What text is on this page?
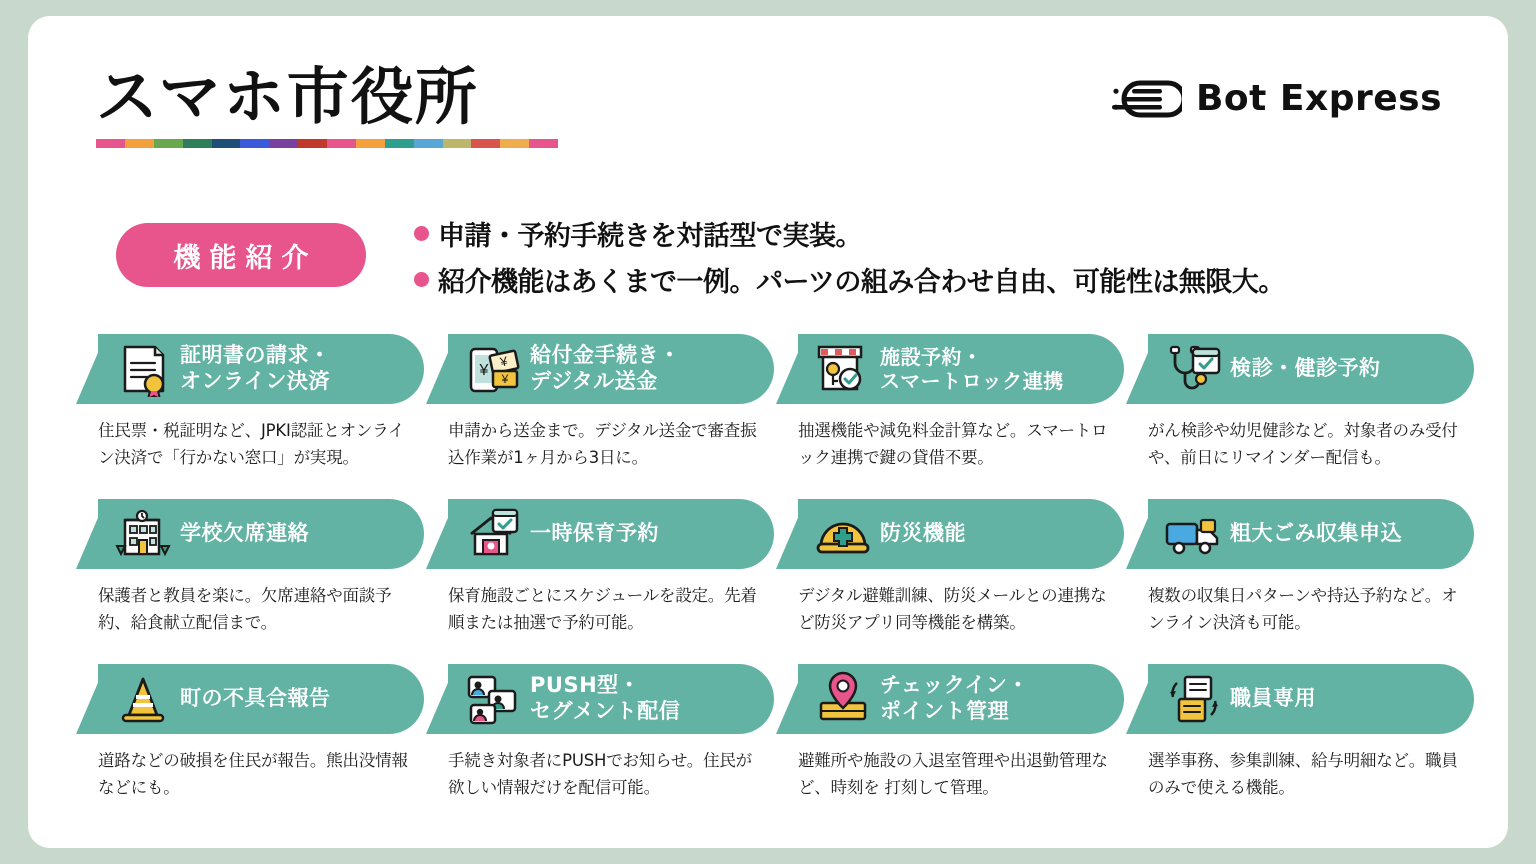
スマホ市役所	Bot Express
機能紹介
申請・予約手続きを対話型で実装。
紹介機能はあくまで一例。パーツの組み合わせ自由、可能性は無限大。
証明書の請求・
オンライン決済
住民票・税証明など、JPKI認証とオンライン決済で「行かない窓口」が実現。
¥
¥
¥
給付金手続き・
デジタル送金
申請から送金まで。デジタル送金で審査振込作業が1ヶ月から3日に。
施設予約・
スマートロック連携
抽選機能や減免料金計算など。スマートロック連携で鍵の貸借不要。
検診・健診予約
がん検診や幼児健診など。対象者のみ受付や、前日にリマインダー配信も。
学校欠席連絡
保護者と教員を楽に。欠席連絡や面談予約、給食献立配信まで。
一時保育予約
保育施設ごとにスケジュールを設定。先着順または抽選で予約可能。
防災機能
デジタル避難訓練、防災メールとの連携など防災アプリ同等機能を構築。
粗大ごみ収集申込
複数の収集日パターンや持込予約など。オンライン決済も可能。
町の不具合報告
道路などの破損を住民が報告。熊出没情報などにも。
PUSH型・
セグメント配信
手続き対象者にPUSHでお知らせ。住民が欲しい情報だけを配信可能。
チェックイン・
ポイント管理
避難所や施設の入退室管理や出退勤管理など、時刻を 打刻して管理。
職員専用
選挙事務、参集訓練、給与明細など。職員のみで使える機能。
